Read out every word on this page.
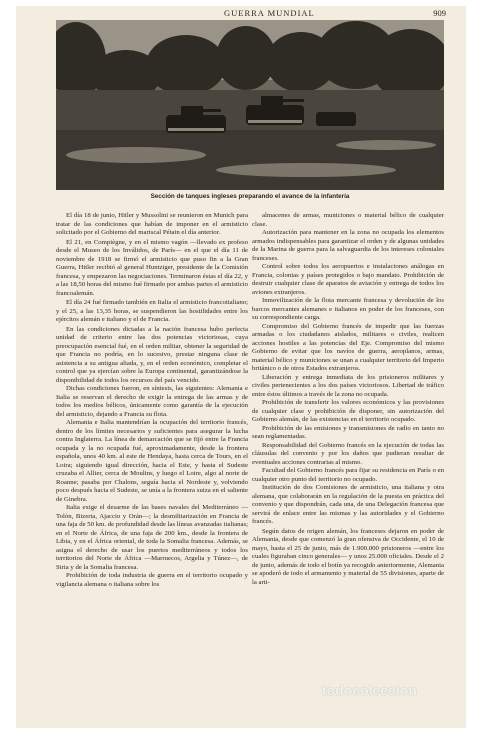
GUERRA MUNDIAL	909
Sección de tanques ingleses preparando el avance de la infantería

El día 18 de junio, Hitler y Mussolini se reunieron en Munich para tratar de las condiciones que habían de imponer en el armisticio solicitado por el Gobierno del mariscal Pétain el día anterior.

El 21, en Compiègne, y en el mismo vagón —llevado ex profeso desde el Museo de los Inválidos, de París— en el que el día 11 de noviembre de 1918 se firmó el armisticio que puso fin a la Gran Guerra, Hitler recibió al general Huntziger, presidente de la Comisión francesa, y empezaron las negociaciones. Terminaron éstas el día 22, y a las 18,50 horas del mismo fué firmado por ambas partes el armisticio francoalemán.

El día 24 fué firmado también en Italia el armisticio francoitaliano; y el 25, a las 13,35 horas, se suspendieron las hostilidades entre los ejércitos alemán e italiano y el de Francia.

En las condiciones dictadas a la nación francesa hubo perfecta unidad de criterio entre las dos potencias victoriosas, cuya preocupación esencial fué, en el orden militar, obtener la seguridad de que Francia no podría, en lo sucesivo, prestar ninguna clase de asistencia a su antigua aliada, y, en el orden económico, completar el control que ya ejercían sobre la Europa continental, garantizándose la disponibilidad de todos los recursos del país vencido.

Dichas condiciones fueron, en síntesis, las siguientes: Alemania e Italia se reservan el derecho de exigir la entrega de las armas y de todos los medios bélicos, únicamente como garantía de la ejecución del armisticio, dejando a Francia su flota.

Alemania e Italia mantendrían la ocupación del territorio francés, dentro de los límites necesarios y suficientes para asegurar la lucha contra Inglaterra. La línea de demarcación que se fijó entre la Francia ocupada y la no ocupada fué, aproximadamente, desde la frontera española, unos 40 km. al este de Hendaya, hasta cerca de Tours, en el Loira; siguiendo igual dirección, hacia el Este, y hasta el Sudeste cruzaba el Allier, cerca de Moulins, y luego el Loire, algo al norte de Roanne; pasaba por Chalons, seguía hacia el Nordeste y, volviendo poco después hacia el Sudeste, se unía a la frontera suiza en el saliente de Ginebra.

Italia exige el desarme de las bases navales del Mediterráneo —Tolón, Bizerta, Ajaccio y Orán—; la desmilitarización en Francia de una faja de 50 km. de profundidad desde las líneas avanzadas italianas; en el Norte de África, de una faja de 200 km., desde la frontera de Libia, y en el África oriental, de toda la Somalia francesa. Además, se asigna el derecho de usar los puertos mediterráneos y todos los territorios del Norte de África —Marruecos, Argelia y Túnez—, de Siria y de la Somalia francesa.

Prohibición de toda industria de guerra en el territorio ocupado y vigilancia alemana o italiana sobre los

almacenes de armas, municiones o material bélico de cualquier clase.

Autorización para mantener en la zona no ocupada los elementos armados indispensables para garantizar el orden y de algunas unidades de la Marina de guerra para la salvaguardia de los intereses coloniales franceses.

Control sobre todos los aeropuertos e instalaciones análogas en Francia, colonias y países protegidos o bajo mandato. Prohibición de destruir cualquier clase de aparatos de aviación y entrega de todos los aviones extranjeros.

Inmovilización de la flota mercante francesa y devolución de los barcos mercantes alemanes e italianos en poder de los franceses, con su correspondiente carga.

Compromiso del Gobierno francés de impedir que las fuerzas armadas o los ciudadanos aislados, militares o civiles, realicen acciones hostiles a las potencias del Eje. Compromiso del mismo Gobierno de evitar que los navíos de guerra, aeroplanos, armas, material bélico y municiones se unan a cualquier territorio del Imperio británico o de otros Estados extranjeros.

Liberación y entrega inmediata de los prisioneros militares y civiles pertenecientes a los dos países victoriosos. Libertad de tráfico entre éstos últimos a través de la zona no ocupada.

Prohibición de transferir los valores económicos y las provisiones de cualquier clase y prohibición de disponer, sin autorización del Gobierno alemán, de las existencias en el territorio ocupado.

Prohibición de las emisiones y transmisiones de radio en tanto no sean reglamentadas.

Responsabilidad del Gobierno francés en la ejecución de todas las cláusulas del convenio y por los daños que pudieran resultar de eventuales acciones contrarias al mismo.

Facultad del Gobierno francés para fijar su residencia en París o en cualquier otro punto del territorio no ocupado.

Institución de dos Comisiones de armisticio, una italiana y otra alemana, que colaborarán en la regulación de la puesta en práctica del convenio y que dispondrán, cada una, de una Delegación francesa que servirá de enlace entre las mismas y las autoridades y el Gobierno francés.

Según datos de origen alemán, los franceses dejaron en poder de Alemania, desde que comenzó la gran ofensiva de Occidente, el 10 de mayo, hasta el 25 de junio, más de 1.900.000 prisioneros —entre los cuales figuraban cinco generales— y unos 25.000 oficiales. Desde el 2 de junio, además de todo el botín ya recogido anteriormente, Alemania se apoderó de todo el armamento y material de 55 divisiones, aparte de la arti-

todocoleccion
